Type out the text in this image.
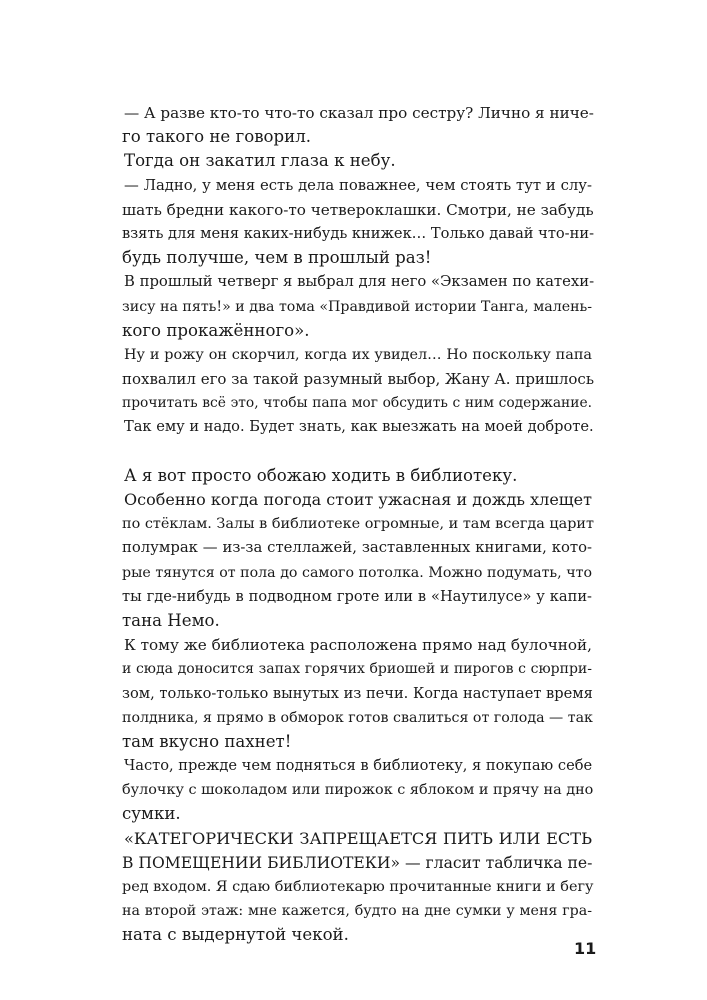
— А разве кто-то что-то сказал про сестру? Лично я ниче-
го такого не говорил.
Тогда он закатил глаза к небу.
— Ладно, у меня есть дела поважнее, чем стоять тут и слу-
шать бредни какого-то четвероклашки. Смотри, не забудь
взять для меня каких-нибудь книжек… Только давай что-ни-
будь получше, чем в прошлый раз!
В прошлый четверг я выбрал для него «Экзамен по катехи-
зису на пять!» и два тома «Правдивой истории Танга, малень-
кого прокажённого».
Ну и рожу он скорчил, когда их увидел… Но поскольку папа
похвалил его за такой разумный выбор, Жану А. пришлось
прочитать всё это, чтобы папа мог обсудить с ним содержание.
Так ему и надо. Будет знать, как выезжать на моей доброте.
А я вот просто обожаю ходить в библиотеку.
Особенно когда погода стоит ужасная и дождь хлещет
по стёклам. Залы в библиотеке огромные, и там всегда царит
полумрак — из-за стеллажей, заставленных книгами, кото-
рые тянутся от пола до самого потолка. Можно подумать, что
ты где-нибудь в подводном гроте или в «Наутилусе» у капи-
тана Немо.
К тому же библиотека расположена прямо над булочной,
и сюда доносится запах горячих бриошей и пирогов с сюрпри-
зом, только-только вынутых из печи. Когда наступает время
полдника, я прямо в обморок готов свалиться от голода — так
там вкусно пахнет!
Часто, прежде чем подняться в библиотеку, я покупаю себе
булочку с шоколадом или пирожок с яблоком и прячу на дно
сумки.
«КАТЕГОРИЧЕСКИ ЗАПРЕЩАЕТСЯ ПИТЬ ИЛИ ЕСТЬ
В ПОМЕЩЕНИИ БИБЛИОТЕКИ» — гласит табличка пе-
ред входом. Я сдаю библиотекарю прочитанные книги и бегу
на второй этаж: мне кажется, будто на дне сумки у меня гра-
ната с выдернутой чекой.
11
